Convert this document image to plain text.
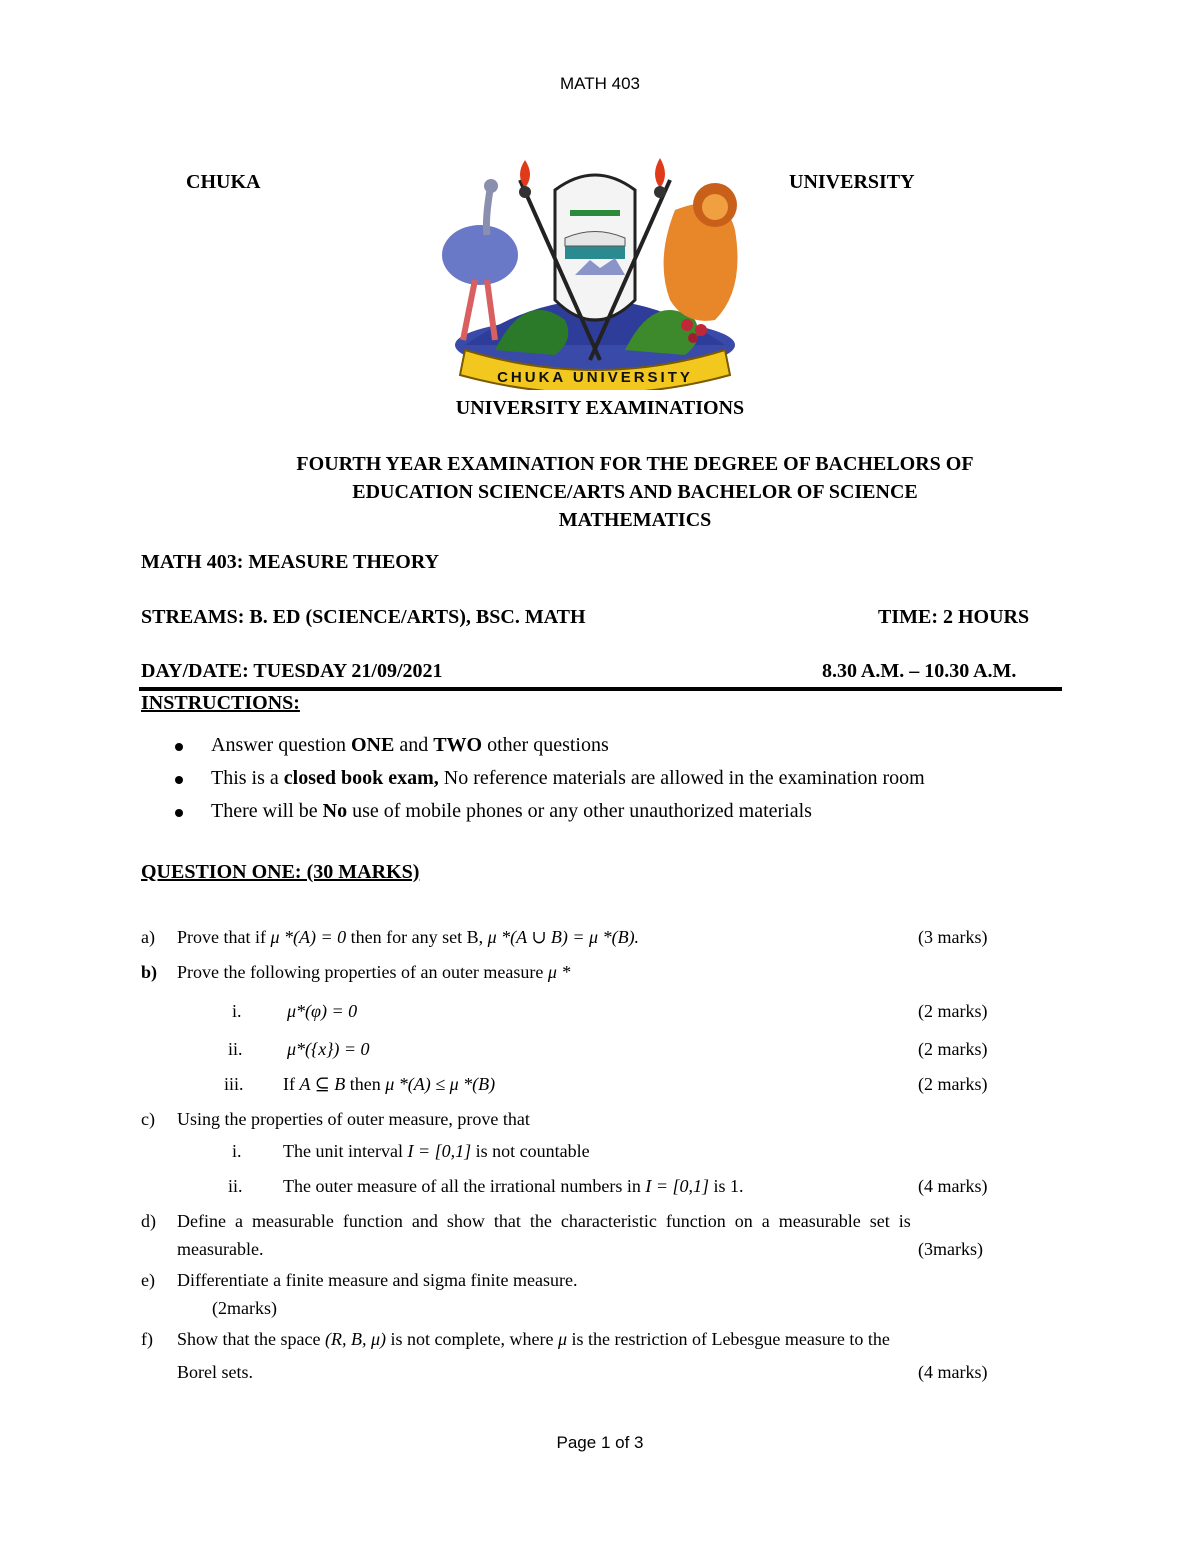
MATH 403
CHUKA	UNIVERSITY
CHUKA UNIVERSITY
UNIVERSITY EXAMINATIONS
FOURTH YEAR EXAMINATION FOR THE DEGREE OF BACHELORS OF
EDUCATION SCIENCE/ARTS AND BACHELOR OF SCIENCE
MATHEMATICS
MATH 403: MEASURE THEORY
STREAMS: B. ED (SCIENCE/ARTS), BSC. MATH	TIME: 2 HOURS
DAY/DATE: TUESDAY 21/09/2021	8.30 A.M. – 10.30 A.M.
INSTRUCTIONS:
Answer question ONE and TWO other questions
This is a closed book exam, No reference materials are allowed in the examination room
There will be No use of mobile phones or any other unauthorized materials
QUESTION ONE: (30 MARKS)
a) Prove that if μ *(A) = 0 then for any set B, μ *(A ∪ B) = μ *(B).	(3 marks)
b) Prove the following properties of an outer measure μ *
i.	μ*(φ) = 0	(2 marks)
ii. μ*({x}) = 0	(2 marks)
iii. If A ⊆ B then μ *(A) ≤ μ *(B)	(2 marks)
c) Using the properties of outer measure, prove that
i. The unit interval I = [0,1] is not countable
ii. The outer measure of all the irrational numbers in I = [0,1] is 1.	(4 marks)
d) Define  a  measurable  function  and  show  that  the  characteristic  function  on  a  measurable  set  is
measurable.	(3marks)
e) Differentiate a finite measure and sigma finite measure.
(2marks)
f) Show that the space (R, B, μ) is not complete, where μ is the restriction of Lebesgue measure to the
Borel sets.	(4 marks)
Page 1 of 3
